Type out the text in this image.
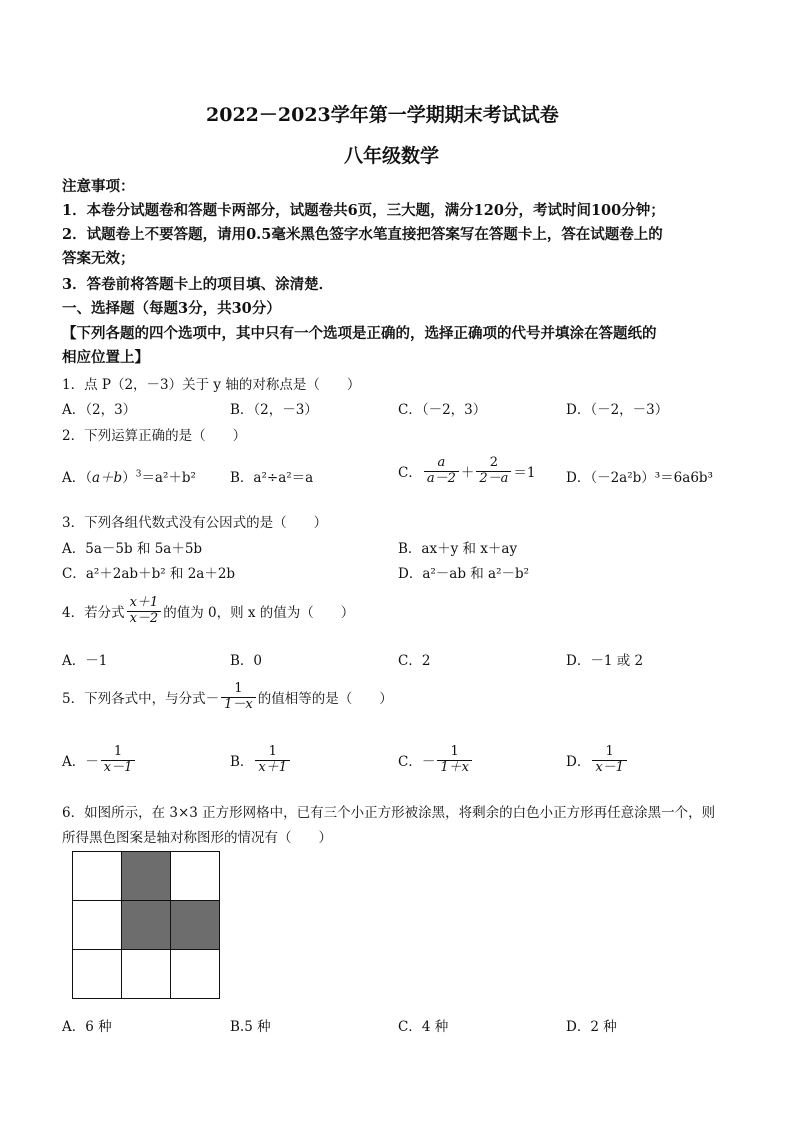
2022－2023学年第一学期期末考试试卷
八年级数学
注意事项：
1．本卷分试题卷和答题卡两部分，试题卷共6页，三大题，满分120分，考试时间100分钟；
2．试题卷上不要答题，请用0.5毫米黑色签字水笔直接把答案写在答题卡上，答在试题卷上的
答案无效；
3．答卷前将答题卡上的项目填、涂清楚．
一、选择题（每题3分，共30分）
【下列各题的四个选项中，其中只有一个选项是正确的，选择正确项的代号并填涂在答题纸的
相应位置上】
1．点 P（2，－3）关于 y 轴的对称点是（　　）
A．（2，3）	B．（2，－3）	C．（－2，3）	D．（－2，－3）
2．下列运算正确的是（　　）
A．$(a+b)^3=a^2+b^2$	B．a²÷a²＝a	C． $\frac{a}{a-2} + \frac{2}{2-a} =1$ D．（－2a²b）³＝6a6b³
3．下列各组代数式没有公因式的是（　　）
A．5a－5b 和 5a＋5b	B．ax＋y 和 x＋ay
C．a²＋2ab＋b² 和 2a＋2b	D．a²－ab 和 a²－b²
4．若分式 $\frac{x+1}{x-2}$ 的值为 0，则 x 的值为（　　）
A．－1	B．0	C．2	D．－1 或 2
5．下列各式中，与分式－ $\frac{1}{1-x}$ 的值相等的是（　　）
A．－ $\frac{1}{x-1}$	B． $\frac{1}{x+1}$	C．－ $\frac{1}{1+x}$	D． $\frac{1}{x-1}$
6．如图所示，在 3×3 正方形网格中，已有三个小正方形被涂黑，将剩余的白色小正方形再任意涂黑一个，则
所得黑色图案是轴对称图形的情况有（　　）
A．6 种	B.5 种	C．4 种	D．2 种
